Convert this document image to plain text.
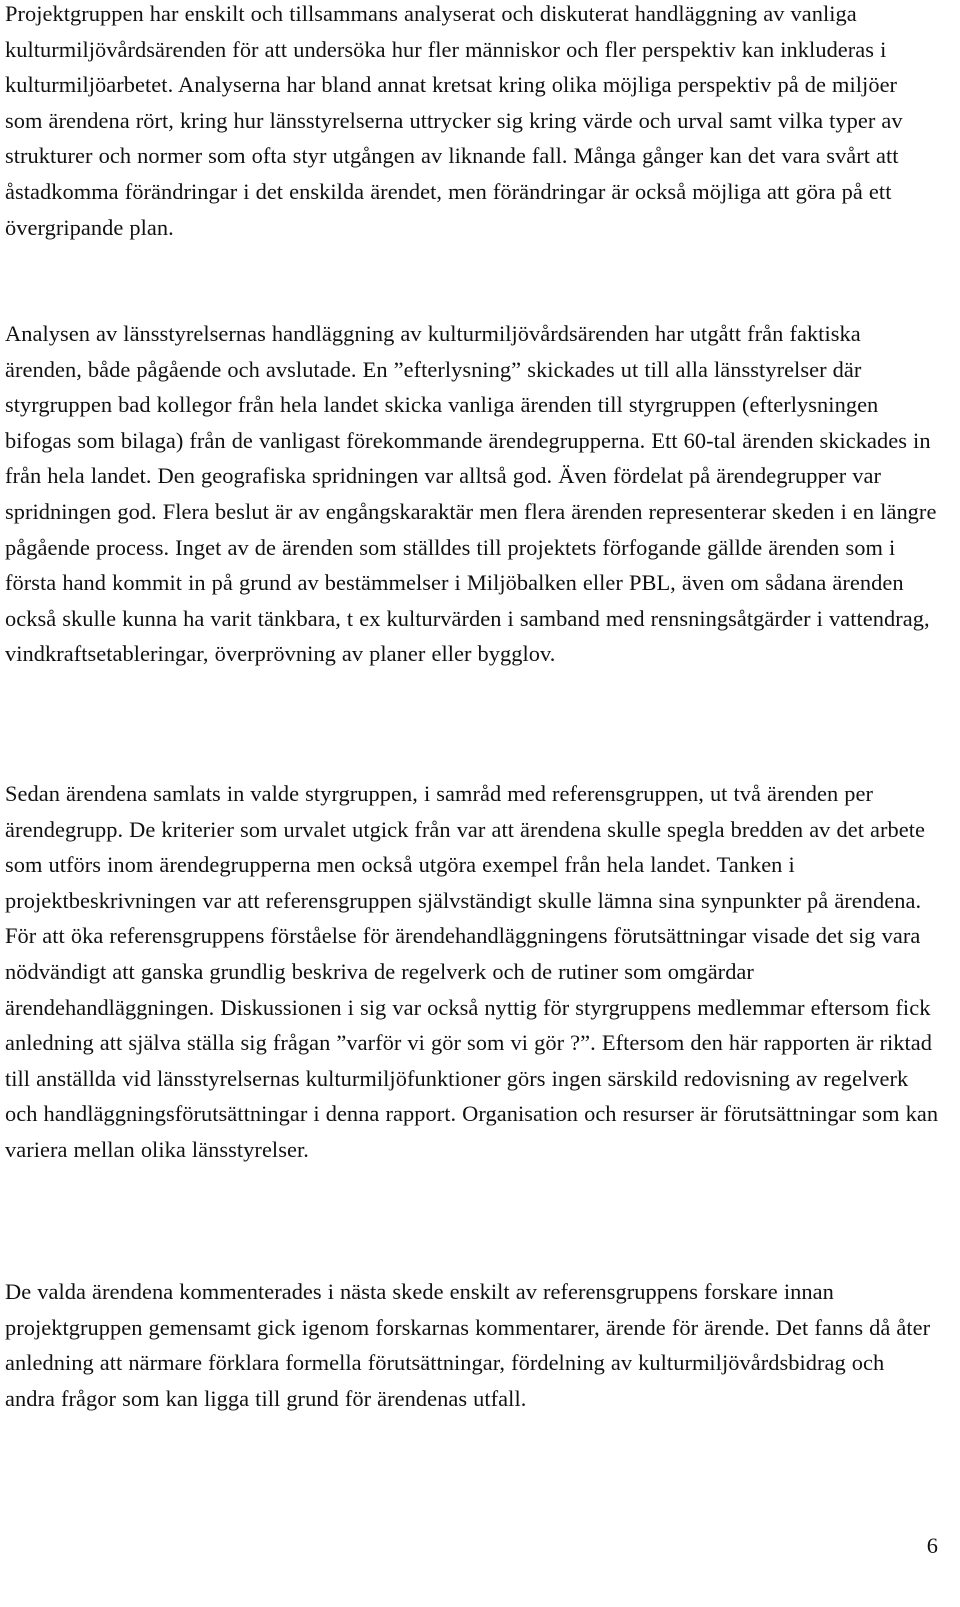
Projektgruppen har enskilt och tillsammans analyserat och diskuterat handläggning av vanliga kulturmiljövårdsärenden för att undersöka hur fler människor och fler perspektiv kan inkluderas i kulturmiljöarbetet. Analyserna har bland annat kretsat kring olika möjliga perspektiv på de miljöer som ärendena rört, kring hur länsstyrelserna uttrycker sig kring värde och urval samt vilka typer av strukturer och normer som ofta styr utgången av liknande fall. Många gånger kan det vara svårt att åstadkomma förändringar i det enskilda ärendet, men förändringar är också möjliga att göra på ett övergripande plan.

Analysen av länsstyrelsernas handläggning av kulturmiljövårdsärenden har utgått från faktiska ärenden, både pågående och avslutade. En ”efterlysning” skickades ut till alla länsstyrelser där styrgruppen bad kollegor från hela landet skicka vanliga ärenden till styrgruppen (efterlysningen bifogas som bilaga) från de vanligast förekommande ärendegrupperna. Ett 60-tal ärenden skickades in från hela landet. Den geografiska spridningen var alltså god. Även fördelat på ärendegrupper var spridningen god. Flera beslut är av engångskaraktär men flera ärenden representerar skeden i en längre pågående process. Inget av de ärenden som ställdes till projektets förfogande gällde ärenden som i första hand kommit in på grund av bestämmelser i Miljöbalken eller PBL, även om sådana ärenden också skulle kunna ha varit tänkbara, t ex kulturvärden i samband med rensningsåtgärder i vattendrag, vindkraftsetableringar, överprövning av planer eller bygglov.

Sedan ärendena samlats in valde styrgruppen, i samråd med referensgruppen, ut två ärenden per ärendegrupp. De kriterier som urvalet utgick från var att ärendena skulle spegla bredden av det arbete som utförs inom ärendegrupperna men också utgöra exempel från hela landet. Tanken i projektbeskrivningen var att referensgruppen självständigt skulle lämna sina synpunkter på ärendena. För att öka referensgruppens förståelse för ärendehandläggningens förutsättningar visade det sig vara nödvändigt att ganska grundlig beskriva de regelverk och de rutiner som omgärdar ärendehandläggningen. Diskussionen i sig var också nyttig för styrgruppens medlemmar eftersom fick anledning att själva ställa sig frågan ”varför vi gör som vi gör ?”. Eftersom den här rapporten är riktad till anställda vid länsstyrelsernas kulturmiljöfunktioner görs ingen särskild redovisning av regelverk och handläggningsförutsättningar i denna rapport. Organisation och resurser är förutsättningar som kan variera mellan olika länsstyrelser.

De valda ärendena kommenterades i nästa skede enskilt av referensgruppens forskare innan projektgruppen gemensamt gick igenom forskarnas kommentarer, ärende för ärende. Det fanns då åter anledning att närmare förklara formella förutsättningar, fördelning av kulturmiljövårdsbidrag och andra frågor som kan ligga till grund för ärendenas utfall.

6
